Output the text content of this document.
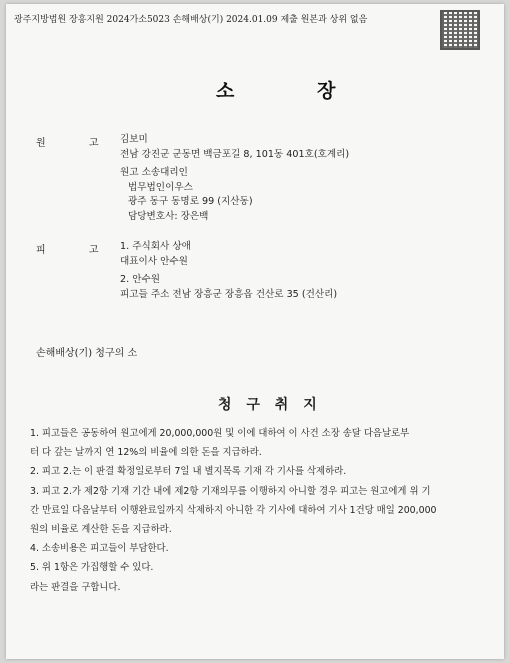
광주지방법원 장흥지원 2024가소5023 손해배상(기) 2024.01.09 제출 원본과 상위 없음
소 장
원 고 김보미
전남 강진군 군동면 백금포길 8, 101동 401호(호계리)
원고 소송대리인
법무법인이우스
광주 동구 동명로 99 (지산동)
담당변호사: 장은백
피 고 1. 주식회사 상애
대표이사 안수원
2. 안수원
피고들 주소 전남 장흥군 장흥읍 건산로 35 (건산리)
손해배상(기) 청구의 소
청 구 취 지
1. 피고들은 공동하여 원고에게 20,000,000원 및 이에 대하여 이 사건 소장 송달 다음날로부
터 다 갚는 날까지 연 12%의 비율에 의한 돈을 지급하라.
2. 피고 2.는 이 판결 확정일로부터 7일 내 별지목록 기재 각 기사를 삭제하라.
3. 피고 2.가 제2항 기재 기간 내에 제2항 기재의무를 이행하지 아니할 경우 피고는 원고에게 위 기
간 만료일 다음날부터 이행완료일까지 삭제하지 아니한 각 기사에 대하여 기사 1건당 매일 200,000
원의 비율로 계산한 돈을 지급하라.
4. 소송비용은 피고들이 부담한다.
5. 위 1항은 가집행할 수 있다.
라는 판결을 구합니다.
